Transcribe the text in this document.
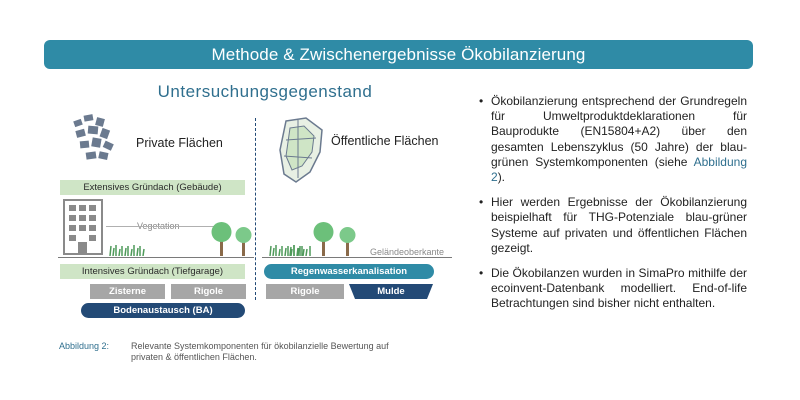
Methode & Zwischenergebnisse Ökobilanzierung
Untersuchungsgegenstand
Private Flächen	Öffentliche Flächen
Extensives Gründach (Gebäude)
Vegetation
Intensives Gründach (Tiefgarage)
Zisterne	Rigole
Bodenaustausch (BA)
Geländeoberkante
Regenwasserkanalisation
Rigole	Mulde
Abbildung 2: Relevante Systemkomponenten für ökobilanzielle Bewertung auf
privaten & öffentlichen Flächen.
• Ökobilanzierung entsprechend der Grundregeln für Umweltproduktdeklarationen für Bauprodukte (EN15804+A2) über den gesamten Lebenszyklus (50 Jahre) der blau-grünen Systemkomponenten (siehe Abbildung 2).
• Hier werden Ergebnisse der Ökobilanzierung beispielhaft für THG-Potenziale blau-grüner Systeme auf privaten und öffentlichen Flächen gezeigt.
• Die Ökobilanzen wurden in SimaPro mithilfe der ecoinvent-Datenbank modelliert. End-of-life Betrachtungen sind bisher nicht enthalten.
